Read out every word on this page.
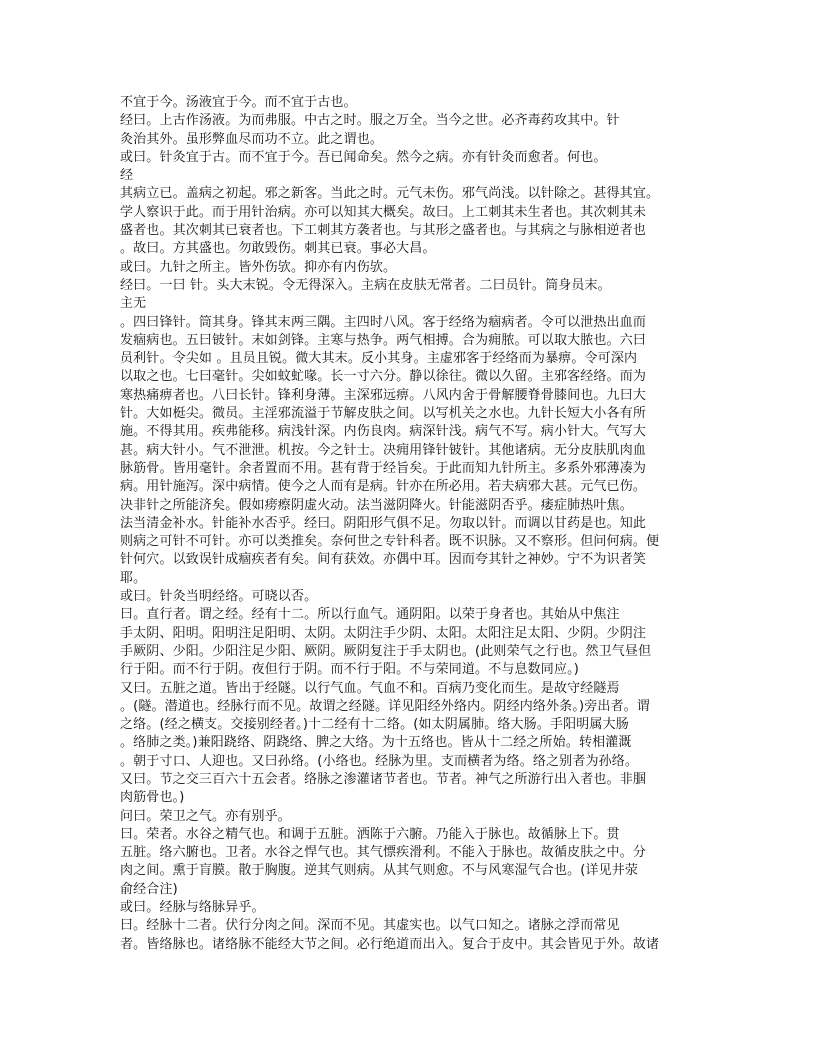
不宜于今。汤液宜于今。而不宜于古也。
经曰。上古作汤液。为而弗服。中古之时。服之万全。当今之世。必齐毒药攻其中。针
灸治其外。虽形弊血尽而功不立。此之谓也。
或曰。针灸宜于古。而不宜于今。吾已闻命矣。然今之病。亦有针灸而愈者。何也。
经
其病立已。盖病之初起。邪之新客。当此之时。元气未伤。邪气尚浅。以针除之。甚得其宜。
学人察识于此。而于用针治病。亦可以知其大概矣。故曰。上工刺其未生者也。其次刺其未
盛者也。其次刺其已衰者也。下工刺其方袭者也。与其形之盛者也。与其病之与脉相逆者也
。故曰。方其盛也。勿敢毁伤。刺其已衰。事必大昌。
或曰。九针之所主。皆外伤欤。抑亦有内伤欤。
经曰。一曰 针。头大末锐。令无得深入。主病在皮肤无常者。二曰员针。筒身员末。
主无
。四曰锋针。筒其身。锋其末两三隅。主四时八风。客于经络为痼病者。令可以泄热出血而
发痼病也。五曰铍针。末如剑锋。主寒与热争。两气相搏。合为痈脓。可以取大脓也。六曰
员利针。令尖如 。且员且锐。微大其末。反小其身。主虚邪客于经络而为暴痹。令可深内
以取之也。七曰毫针。尖如蚊虻喙。长一寸六分。静以徐往。微以久留。主邪客经络。而为
寒热痛痹者也。八曰长针。锋利身薄。主深邪远痹。八风内舍于骨解腰脊骨膝间也。九曰大
针。大如梃尖。微员。主淫邪流溢于节解皮肤之间。以写机关之水也。九针长短大小各有所
施。不得其用。疾弗能移。病浅针深。内伤良肉。病深针浅。病气不写。病小针大。气写大
甚。病大针小。气不泄泄。机按。今之针士。决痈用锋针铍针。其他诸病。无分皮肤肌肉血
脉筋骨。皆用毫针。余者置而不用。甚有背于经旨矣。于此而知九针所主。多系外邪薄凑为
病。用针施泻。深中病情。使今之人而有是病。针亦在所必用。若夫病邪大甚。元气已伤。
决非针之所能济矣。假如痨瘵阴虚火动。法当滋阴降火。针能滋阴否乎。痿症肺热叶焦。
法当清金补水。针能补水否乎。经曰。阴阳形气俱不足。勿取以针。而调以甘药是也。知此
则病之可针不可针。亦可以类推矣。奈何世之专针科者。既不识脉。又不察形。但问何病。便
针何穴。以致误针成痼疾者有矣。间有获效。亦偶中耳。因而夸其针之神妙。宁不为识者笑
耶。
或曰。针灸当明经络。可晓以否。
曰。直行者。谓之经。经有十二。所以行血气。通阴阳。以荣于身者也。其始从中焦注
手太阴、阳明。阳明注足阳明、太阴。太阴注手少阴、太阳。太阳注足太阳、少阴。少阴注
手厥阴、少阳。少阳注足少阳、厥阴。厥阴复注于手太阴也。(此则荣气之行也。然卫气昼但
行于阳。而不行于阴。夜但行于阴。而不行于阳。不与荣同道。不与息数同应。)
又曰。五脏之道。皆出于经隧。以行气血。气血不和。百病乃变化而生。是故守经隧焉
。(隧。潜道也。经脉行而不见。故谓之经隧。详见阳经外络内。阴经内络外条。)旁出者。谓
之络。(经之横支。交接别经者。)十二经有十二络。(如太阴属肺。络大肠。手阳明属大肠
。络肺之类。)兼阳跷络、阴跷络、脾之大络。为十五络也。皆从十二经之所始。转相灌溉
。朝于寸口、人迎也。又曰孙络。(小络也。经脉为里。支而横者为络。络之别者为孙络。
又曰。节之交三百六十五会者。络脉之渗灌诸节者也。节者。神气之所游行出入者也。非腘
肉筋骨也。)
问曰。荣卫之气。亦有别乎。
曰。荣者。水谷之精气也。和调于五脏。洒陈于六腑。乃能入于脉也。故循脉上下。贯
五脏。络六腑也。卫者。水谷之悍气也。其气慓疾滑利。不能入于脉也。故循皮肤之中。分
肉之间。熏于肓膜。散于胸腹。逆其气则病。从其气则愈。不与风寒湿气合也。(详见井荥
俞经合注)
或曰。经脉与络脉异乎。
曰。经脉十二者。伏行分肉之间。深而不见。其虚实也。以气口知之。诸脉之浮而常见
者。皆络脉也。诸络脉不能经大节之间。必行绝道而出入。复合于皮中。其会皆见于外。故诸
